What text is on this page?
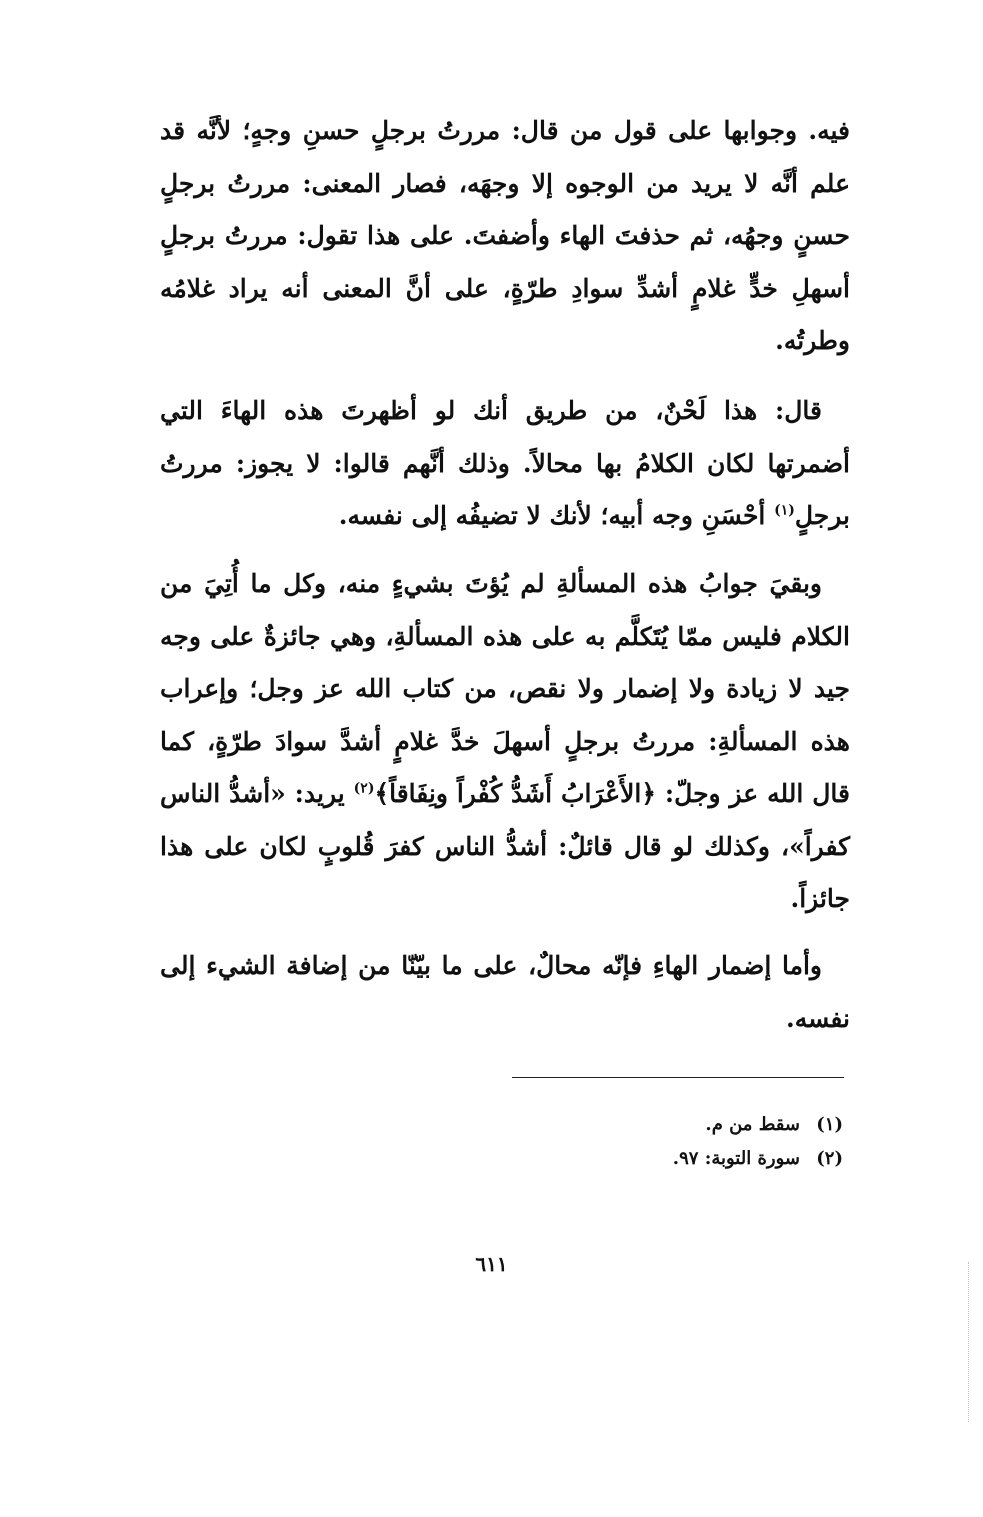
فيه. وجوابها على قول من قال: مررتُ برجلٍ حسنِ وجهٍ؛ لأنَّه قد علم أنَّه لا يريد من الوجوه إلا وجهَه، فصار المعنى: مررتُ برجلٍ حسنٍ وجهُه، ثم حذفتَ الهاء وأضفتَ. على هذا تقول: مررتُ برجلٍ أسهلِ خدٍّ غلامٍ أشدِّ سوادِ طرّةٍ، على أنَّ المعنى أنه يراد غلامُه وطرتُه.

قال: هذا لَحْنٌ، من طريق أنك لو أظهرتَ هذه الهاءَ التي أضمرتها لكان الكلامُ بها محالاً. وذلك أنَّهم قالوا: لا يجوز: مررتُ برجلٍ$^{(١)}$ أحْسَنِ وجه أبيه؛ لأنك لا تضيفُه إلى نفسه.

وبقيَ جوابُ هذه المسألةِ لم يُؤتَ بشيءٍ منه، وكل ما أُتِيَ من الكلام فليس ممّا يُتَكلَّم به على هذه المسألةِ، وهي جائزةٌ على وجه جيد لا زيادة ولا إضمار ولا نقص، من كتاب الله عز وجل؛ وإعراب هذه المسألةِ: مررتُ برجلٍ أسهلَ خدَّ غلامٍ أشدَّ سوادَ طرّةٍ، كما قال الله عز وجلّ: ﴿الأَعْرَابُ أَشَدُّ كُفْراً ونِفَاقاً﴾$^{(٢)}$ يريد: «أشدُّ الناس كفراً»، وكذلك لو قال قائلٌ: أشدُّ الناس كفرَ قُلوبٍ لكان على هذا جائزاً.

وأما إضمار الهاءِ فإنّه محالٌ، على ما بيّنّا من إضافة الشيء إلى نفسه.

(١) سقط من م.
(٢) سورة التوبة: ٩٧.
٦١١
